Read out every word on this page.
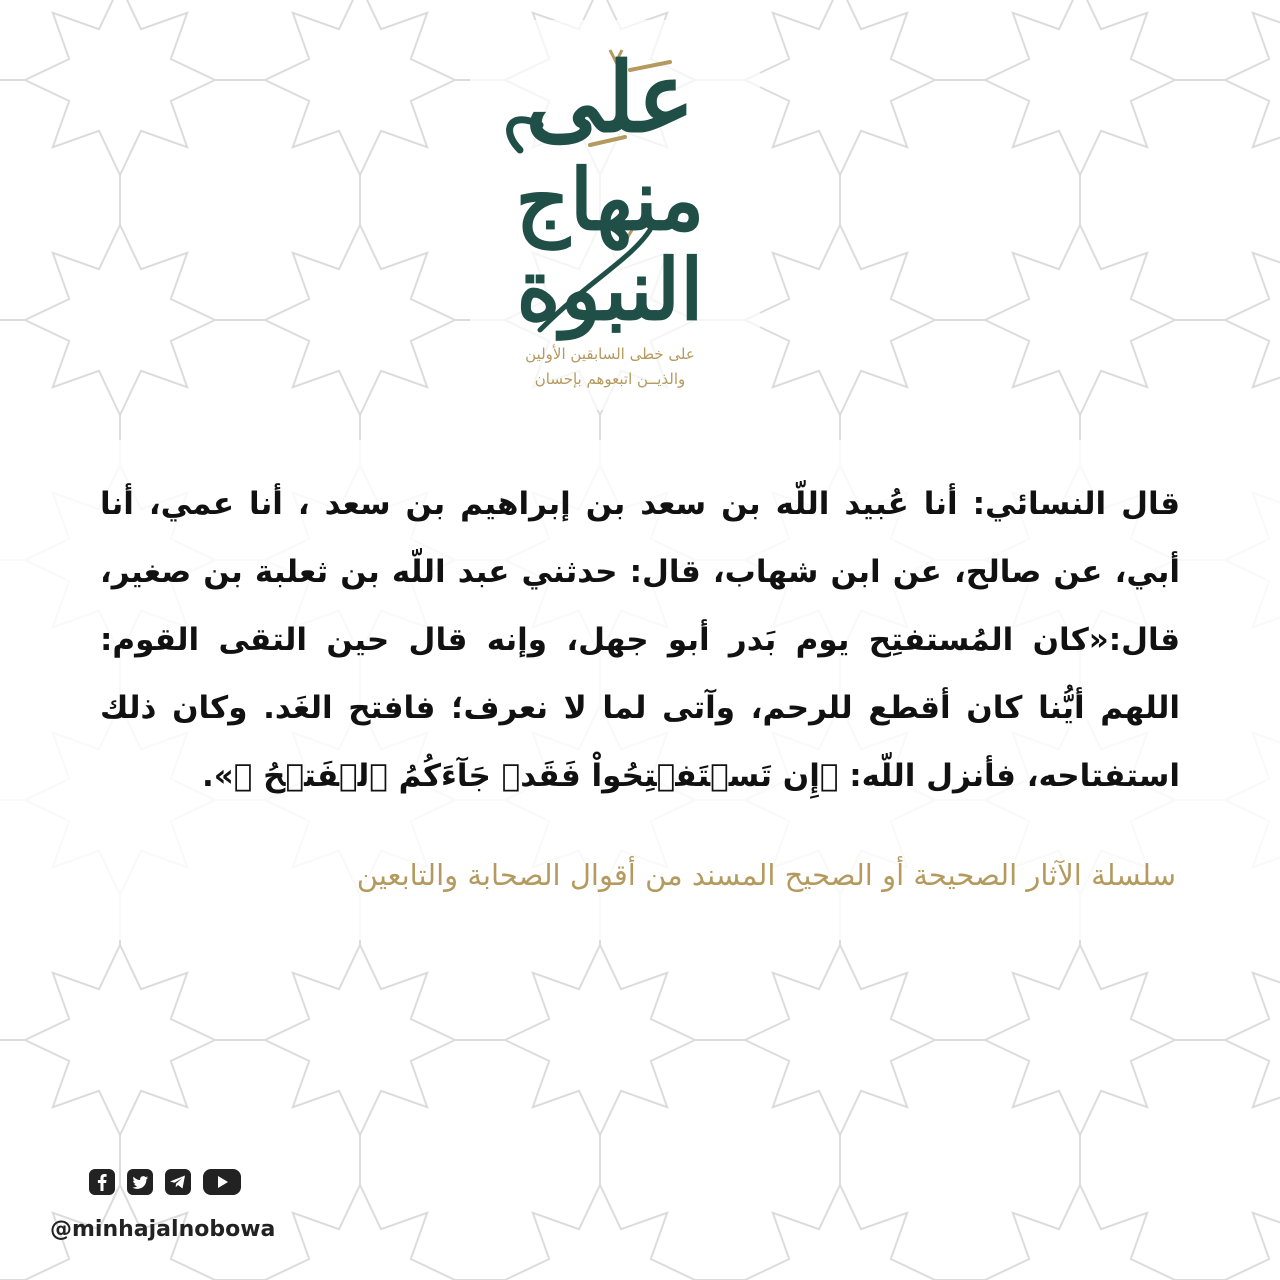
على
منهاج
النبوة
على خطى السابقين الأولين
والذيــن اتبعوهم بإحسان
قال النسائي: أنا عُبيد اللّه بن سعد بن إبراهيم بن سعد ، أنا عمي، أنا أبي، عن صالح، عن ابن شهاب، قال: حدثني عبد اللّه بن ثعلبة بن صغير، قال:«كان المُستفتِح يوم بَدر أبو جهل، وإنه قال حين التقى القوم: اللهم أيُّنا كان أقطع للرحم، وآتى لما لا نعرف؛ فافتح الغَد. وكان ذلك استفتاحه، فأنزل اللّه: ﴿إِن تَسۡتَفۡتِحُواْ فَقَدۡ جَآءَكُمُ ٱلۡفَتۡحُ ﴾».
سلسلة الآثار الصحيحة أو الصحيح المسند من أقوال الصحابة والتابعين
@minhajalnobowa
